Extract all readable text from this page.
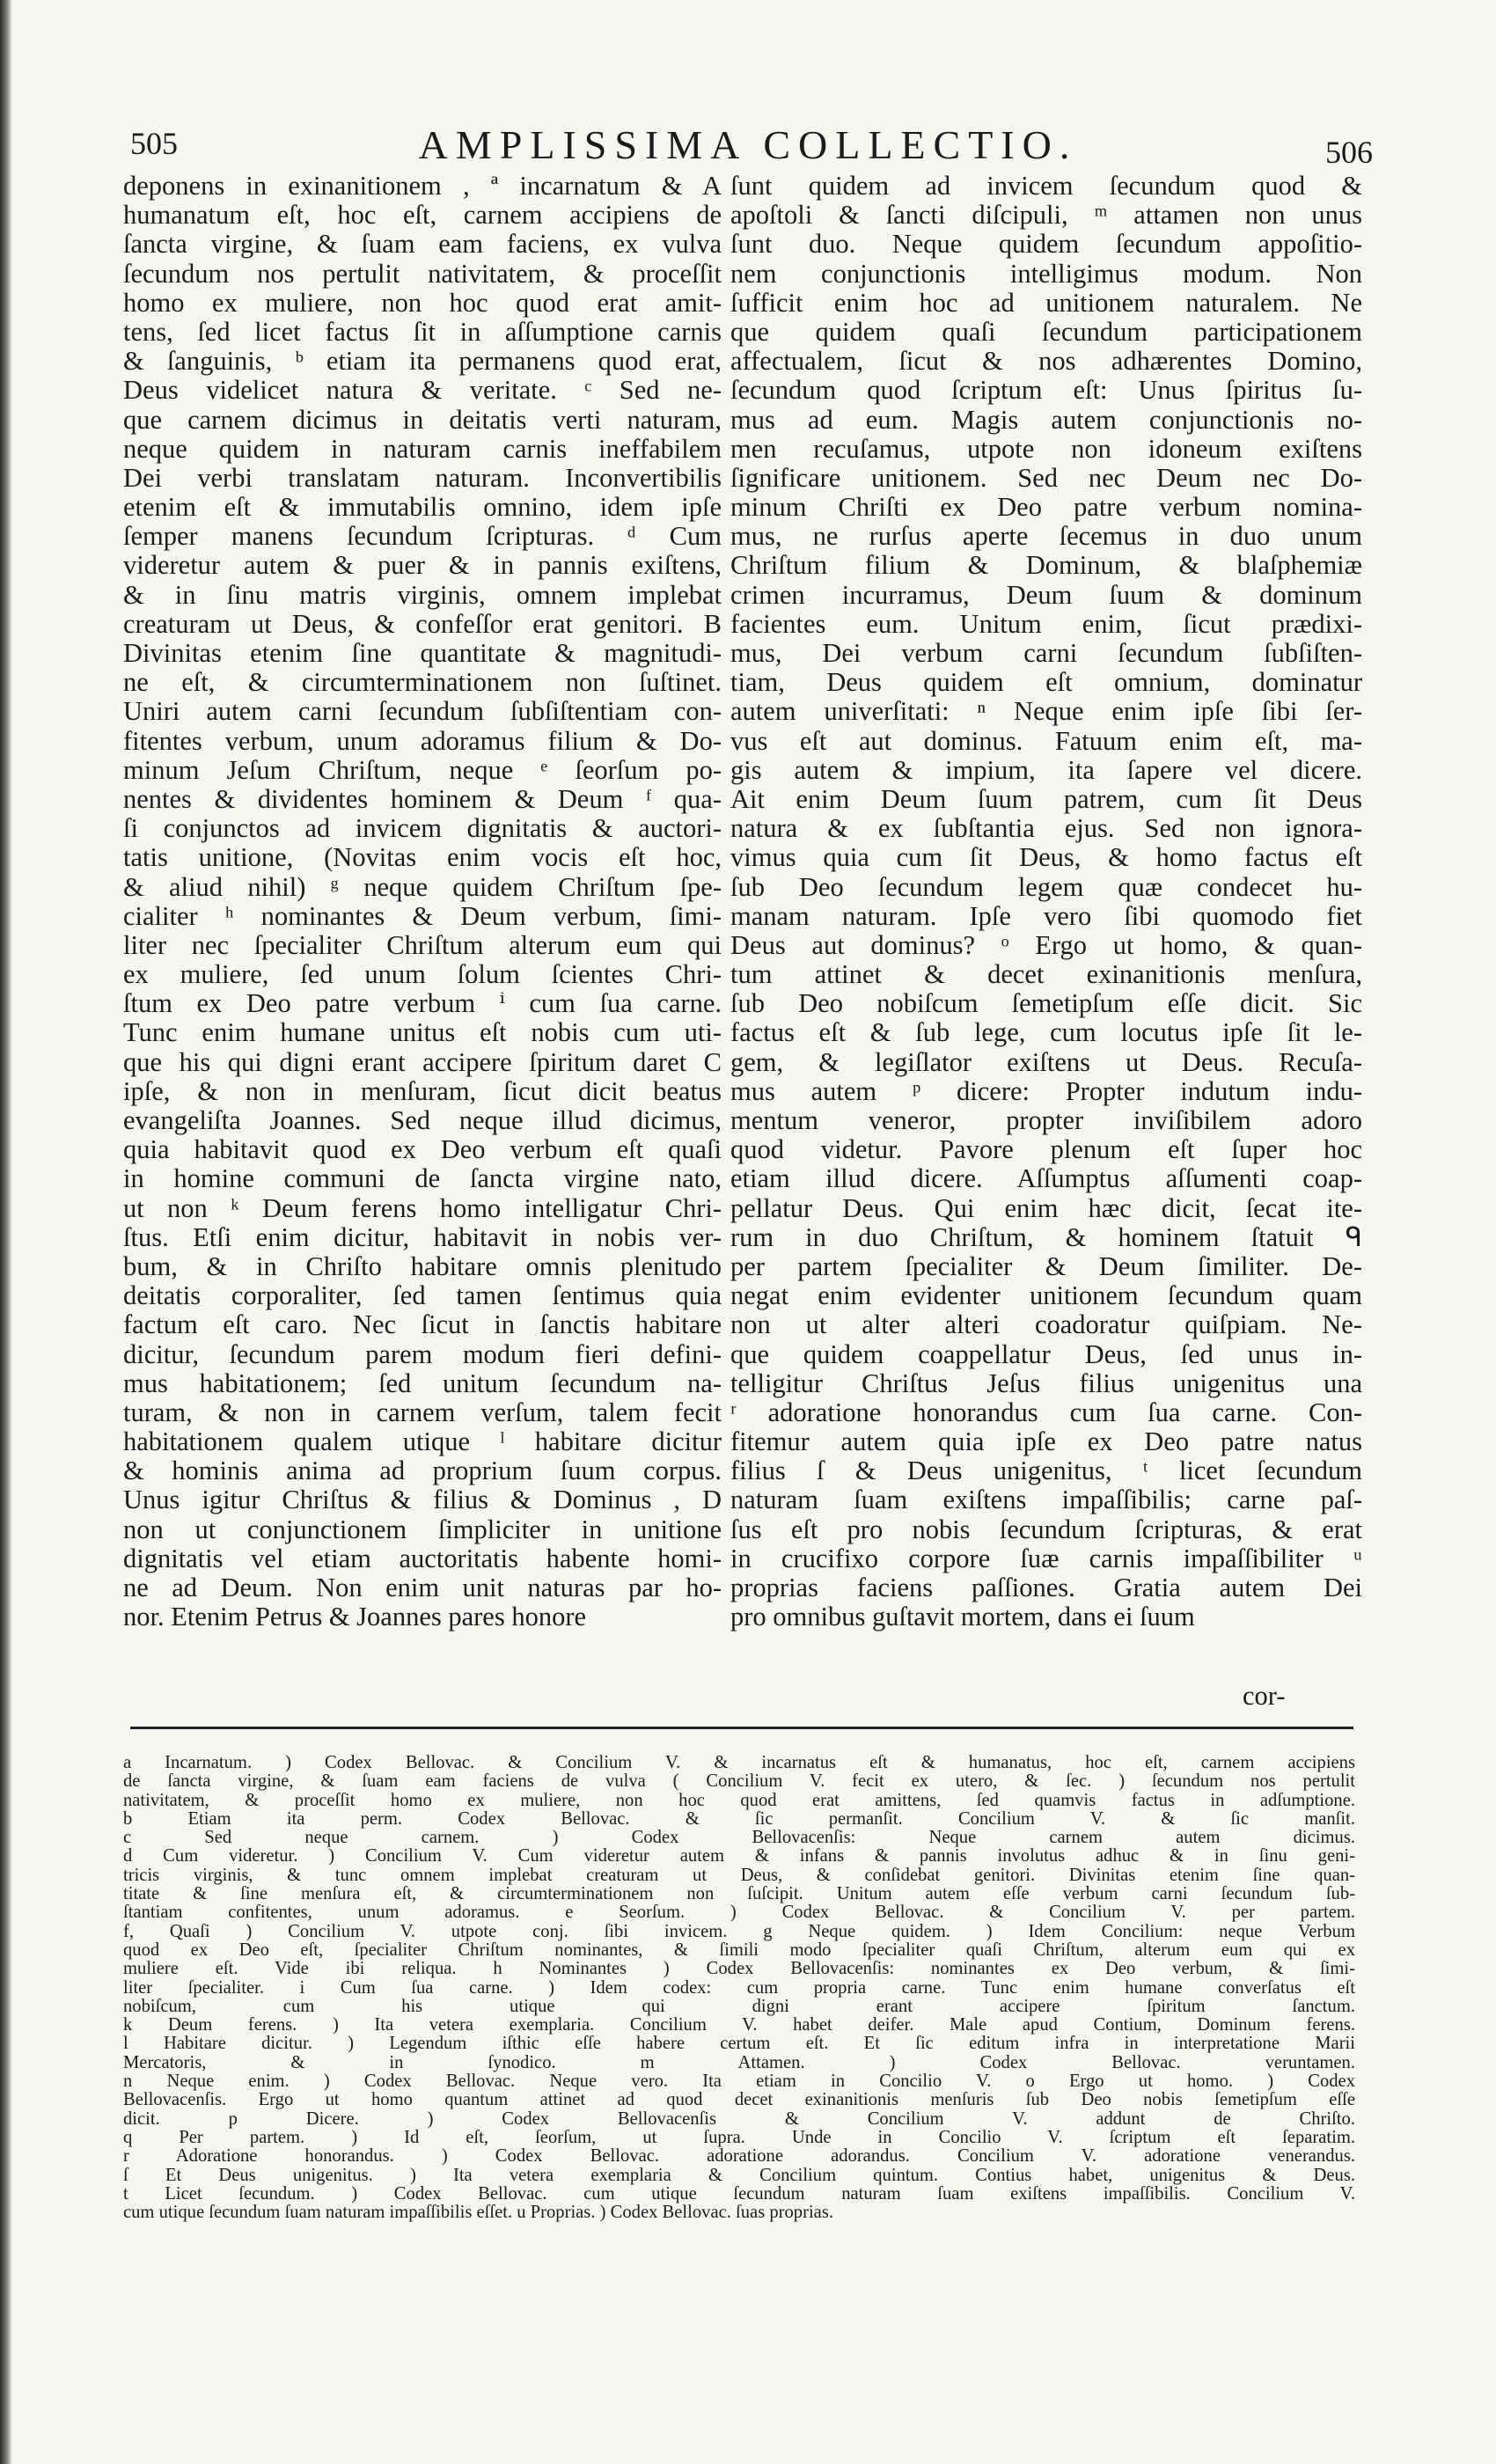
505	AMPLISSIMA COLLECTIO.	506
deponens in exinanitionem , ª incarnatum & A
humanatum eſt, hoc eſt, carnem accipiens de
ſancta virgine, & ſuam eam faciens, ex vulva
ſecundum nos pertulit nativitatem, & proceſſit
homo ex muliere, non hoc quod erat amit-
tens, ſed licet factus ſit in aſſumptione carnis
& ſanguinis, ᵇ etiam ita permanens quod erat,
Deus videlicet natura & veritate. ᶜ Sed ne-
que carnem dicimus in deitatis verti naturam,
neque quidem in naturam carnis ineffabilem
Dei verbi translatam naturam. Inconvertibilis
etenim eſt & immutabilis omnino, idem ipſe
ſemper manens ſecundum ſcripturas. ᵈ Cum
videretur autem & puer & in pannis exiſtens,
& in ſinu matris virginis, omnem implebat
creaturam ut Deus, & confeſſor erat genitori. B
Divinitas etenim ſine quantitate & magnitudi-
ne eſt, & circumterminationem non ſuſtinet.
Uniri autem carni ſecundum ſubſiſtentiam con-
fitentes verbum, unum adoramus filium & Do-
minum Jeſum Chriſtum, neque ᵉ ſeorſum po-
nentes & dividentes hominem & Deum ᶠ qua-
ſi conjunctos ad invicem dignitatis & auctori-
tatis unitione, (Novitas enim vocis eſt hoc,
& aliud nihil) ᵍ neque quidem Chriſtum ſpe-
cialiter ʰ nominantes & Deum verbum, ſimi-
liter nec ſpecialiter Chriſtum alterum eum qui
ex muliere, ſed unum ſolum ſcientes Chri-
ſtum ex Deo patre verbum ⁱ cum ſua carne.
Tunc enim humane unitus eſt nobis cum uti-
que his qui digni erant accipere ſpiritum daret C
ipſe, & non in menſuram, ſicut dicit beatus
evangeliſta Joannes. Sed neque illud dicimus,
quia habitavit quod ex Deo verbum eſt quaſi
in homine communi de ſancta virgine nato,
ut non ᵏ Deum ferens homo intelligatur Chri-
ſtus. Etſi enim dicitur, habitavit in nobis ver-
bum, & in Chriſto habitare omnis plenitudo
deitatis corporaliter, ſed tamen ſentimus quia
factum eſt caro. Nec ſicut in ſanctis habitare
dicitur, ſecundum parem modum fieri defini-
mus habitationem; ſed unitum ſecundum na-
turam, & non in carnem verſum, talem fecit
habitationem qualem utique ˡ habitare dicitur
& hominis anima ad proprium ſuum corpus.
Unus igitur Chriſtus & filius & Dominus , D
non ut conjunctionem ſimpliciter in unitione
dignitatis vel etiam auctoritatis habente homi-
ne ad Deum. Non enim unit naturas par ho-
nor. Etenim Petrus & Joannes pares honore
ſunt quidem ad invicem ſecundum quod &
apoſtoli & ſancti diſcipuli, ᵐ attamen non unus
ſunt duo. Neque quidem ſecundum appoſitio-
nem conjunctionis intelligimus modum. Non
ſufficit enim hoc ad unitionem naturalem. Ne
que quidem quaſi ſecundum participationem
affectualem, ſicut & nos adhærentes Domino,
ſecundum quod ſcriptum eſt: Unus ſpiritus ſu-
mus ad eum. Magis autem conjunctionis no-
men recuſamus, utpote non idoneum exiſtens
ſignificare unitionem. Sed nec Deum nec Do-
minum Chriſti ex Deo patre verbum nomina-
mus, ne rurſus aperte ſecemus in duo unum
Chriſtum filium & Dominum, & blaſphemiæ
crimen incurramus, Deum ſuum & dominum
facientes eum. Unitum enim, ſicut prædixi-
mus, Dei verbum carni ſecundum ſubſiſten-
tiam, Deus quidem eſt omnium, dominatur
autem univerſitati: ⁿ Neque enim ipſe ſibi ſer-
vus eſt aut dominus. Fatuum enim eſt, ma-
gis autem & impium, ita ſapere vel dicere.
Ait enim Deum ſuum patrem, cum ſit Deus
natura & ex ſubſtantia ejus. Sed non ignora-
vimus quia cum ſit Deus, & homo factus eſt
ſub Deo ſecundum legem quæ condecet hu-
manam naturam. Ipſe vero ſibi quomodo fiet
Deus aut dominus? ᵒ Ergo ut homo, & quan-
tum attinet & decet exinanitionis menſura,
ſub Deo nobiſcum ſemetipſum eſſe dicit. Sic
factus eſt & ſub lege, cum locutus ipſe ſit le-
gem, & legiſlator exiſtens ut Deus. Recuſa-
mus autem ᵖ dicere: Propter indutum indu-
mentum veneror, propter inviſibilem adoro
quod videtur. Pavore plenum eſt ſuper hoc
etiam illud dicere. Aſſumptus aſſumenti coap-
pellatur Deus. Qui enim hæc dicit, ſecat ite-
rum in duo Chriſtum, & hominem ſtatuit ᑫ
per partem ſpecialiter & Deum ſimiliter. De-
negat enim evidenter unitionem ſecundum quam
non ut alter alteri coadoratur quiſpiam. Ne-
que quidem coappellatur Deus, ſed unus in-
telligitur Chriſtus Jeſus filius unigenitus una
ʳ adoratione honorandus cum ſua carne. Con-
fitemur autem quia ipſe ex Deo patre natus
filius ſ & Deus unigenitus, ᵗ licet ſecundum
naturam ſuam exiſtens impaſſibilis; carne paſ-
ſus eſt pro nobis ſecundum ſcripturas, & erat
in crucifixo corpore ſuæ carnis impaſſibiliter ᵘ
proprias faciens paſſiones. Gratia autem Dei
pro omnibus guſtavit mortem, dans ei ſuum
cor-
a Incarnatum. ) Codex Bellovac. & Concilium V. & incarnatus eſt & humanatus, hoc eſt, carnem accipiens
de ſancta virgine, & ſuam eam faciens de vulva ( Concilium V. fecit ex utero, & ſec. ) ſecundum nos pertulit
nativitatem, & proceſſit homo ex muliere, non hoc quod erat amittens, ſed quamvis factus in adſumptione.
b Etiam ita perm. Codex Bellovac. & ſic permanſit. Concilium V. & ſic manſit.
c Sed neque carnem. ) Codex Bellovacenſis: Neque carnem autem dicimus.
d Cum videretur. ) Concilium V. Cum videretur autem & infans & pannis involutus adhuc & in ſinu geni-
tricis virginis, & tunc omnem implebat creaturam ut Deus, & conſidebat genitori. Divinitas etenim ſine quan-
titate & ſine menſura eſt, & circumterminationem non ſuſcipit. Unitum autem eſſe verbum carni ſecundum ſub-
ſtantiam confitentes, unum adoramus. e Seorſum. ) Codex Bellovac. & Concilium V. per partem.
f, Quaſi ) Concilium V. utpote conj. ſibi invicem. g Neque quidem. ) Idem Concilium: neque Verbum
quod ex Deo eſt, ſpecialiter Chriſtum nominantes, & ſimili modo ſpecialiter quaſi Chriſtum, alterum eum qui ex
muliere eſt. Vide ibi reliqua. h Nominantes ) Codex Bellovacenſis: nominantes ex Deo verbum, & ſimi-
liter ſpecialiter. i Cum ſua carne. ) Idem codex: cum propria carne. Tunc enim humane converſatus eſt
nobiſcum, cum his utique qui digni erant accipere ſpiritum ſanctum.
k Deum ferens. ) Ita vetera exemplaria. Concilium V. habet deifer. Male apud Contium, Dominum ferens.
l Habitare dicitur. ) Legendum iſthic eſſe habere certum eſt. Et ſic editum infra in interpretatione Marii
Mercatoris, & in ſynodico. m Attamen. ) Codex Bellovac. veruntamen.
n Neque enim. ) Codex Bellovac. Neque vero. Ita etiam in Concilio V. o Ergo ut homo. ) Codex
Bellovacenſis. Ergo ut homo quantum attinet ad quod decet exinanitionis menſuris ſub Deo nobis ſemetipſum eſſe
dicit. p Dicere. ) Codex Bellovacenſis & Concilium V. addunt de Chriſto.
q Per partem. ) Id eſt, ſeorſum, ut ſupra. Unde in Concilio V. ſcriptum eſt ſeparatim.
r Adoratione honorandus. ) Codex Bellovac. adoratione adorandus. Concilium V. adoratione venerandus.
ſ Et Deus unigenitus. ) Ita vetera exemplaria & Concilium quintum. Contius habet, unigenitus & Deus.
t Licet ſecundum. ) Codex Bellovac. cum utique ſecundum naturam ſuam exiſtens impaſſibilis. Concilium V.
cum utique ſecundum ſuam naturam impaſſibilis eſſet. u Proprias. ) Codex Bellovac. ſuas proprias.
